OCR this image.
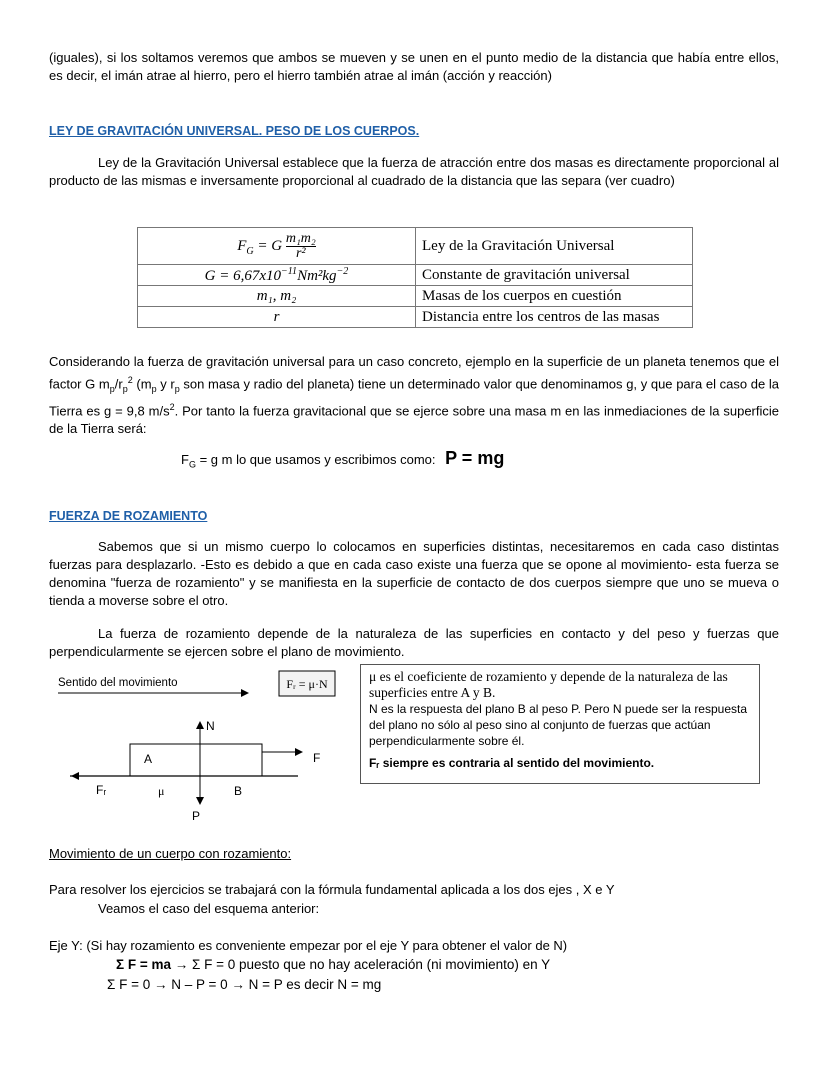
(iguales), si los soltamos veremos que ambos se mueven y se unen en el punto medio de la distancia que había entre ellos, es decir, el imán atrae al hierro, pero el hierro también atrae al imán (acción y reacción)

LEY DE GRAVITACIÓN UNIVERSAL. PESO DE LOS CUERPOS.

Ley de la Gravitación Universal establece que la fuerza de atracción entre dos masas es directamente proporcional al producto de las mismas e inversamente proporcional al cuadrado de la distancia que las separa (ver cuadro)

$F_G = G \frac{\text{m₁m₂}}{\text{r²}}$	Ley de la Gravitación Universal
$G = 6,67x10^{-11}Nm^2kg^{-2}$	Constante de gravitación universal
m₁, m₂	Masas de los cuerpos en cuestión
r	Distancia entre los centros de las masas

Considerando la fuerza de gravitación universal para un caso concreto, ejemplo en la superficie de un planeta tenemos que el factor G $m_p/r_p^2$ ($m_p$ y $r_p$ son masa y radio del planeta) tiene un determinado valor que denominamos g, y que para el caso de la Tierra es g = 9,8 $m/s^2$. Por tanto la fuerza gravitacional que se ejerce sobre una masa m en las inmediaciones de la superficie de la Tierra será:

$F_G = g$ m lo que usamos y escribimos como: P = mg

FUERZA DE ROZAMIENTO

Sabemos que si un mismo cuerpo lo colocamos en superficies distintas, necesitaremos en cada caso distintas fuerzas para desplazarlo. -Esto es debido a que en cada caso existe una fuerza que se opone al movimiento- esta fuerza se denomina "fuerza de rozamiento" y se manifiesta en la superficie de contacto de dos cuerpos siempre que uno se mueva o tienda a moverse sobre el otro.

La fuerza de rozamiento depende de la naturaleza de las superficies en contacto y del peso y fuerzas que perpendicularmente se ejercen sobre el plano de movimiento.

Sentido del movimiento	Fᵣ = μ·N
N
A	F
Fᵣ	μ	B
P
μ es el coeficiente de rozamiento y depende de la naturaleza de las superficies entre A y B.
N es la respuesta del plano B al peso P. Pero N puede ser la respuesta del plano no sólo al peso sino al conjunto de fuerzas que actúan perpendicularmente sobre él.
Fᵣ siempre es contraria al sentido del movimiento.

Movimiento de un cuerpo con rozamiento:

Para resolver los ejercicios se trabajará con la fórmula fundamental aplicada a los dos ejes , X e Y

Veamos el caso del esquema anterior:

Eje Y: (Si hay rozamiento es conveniente empezar por el eje Y para obtener el valor de N)

Σ F = ma → Σ F = 0 puesto que no hay aceleración (ni movimiento) en Y
Σ F = 0 → N – P = 0 → N = P es decir N = mg
